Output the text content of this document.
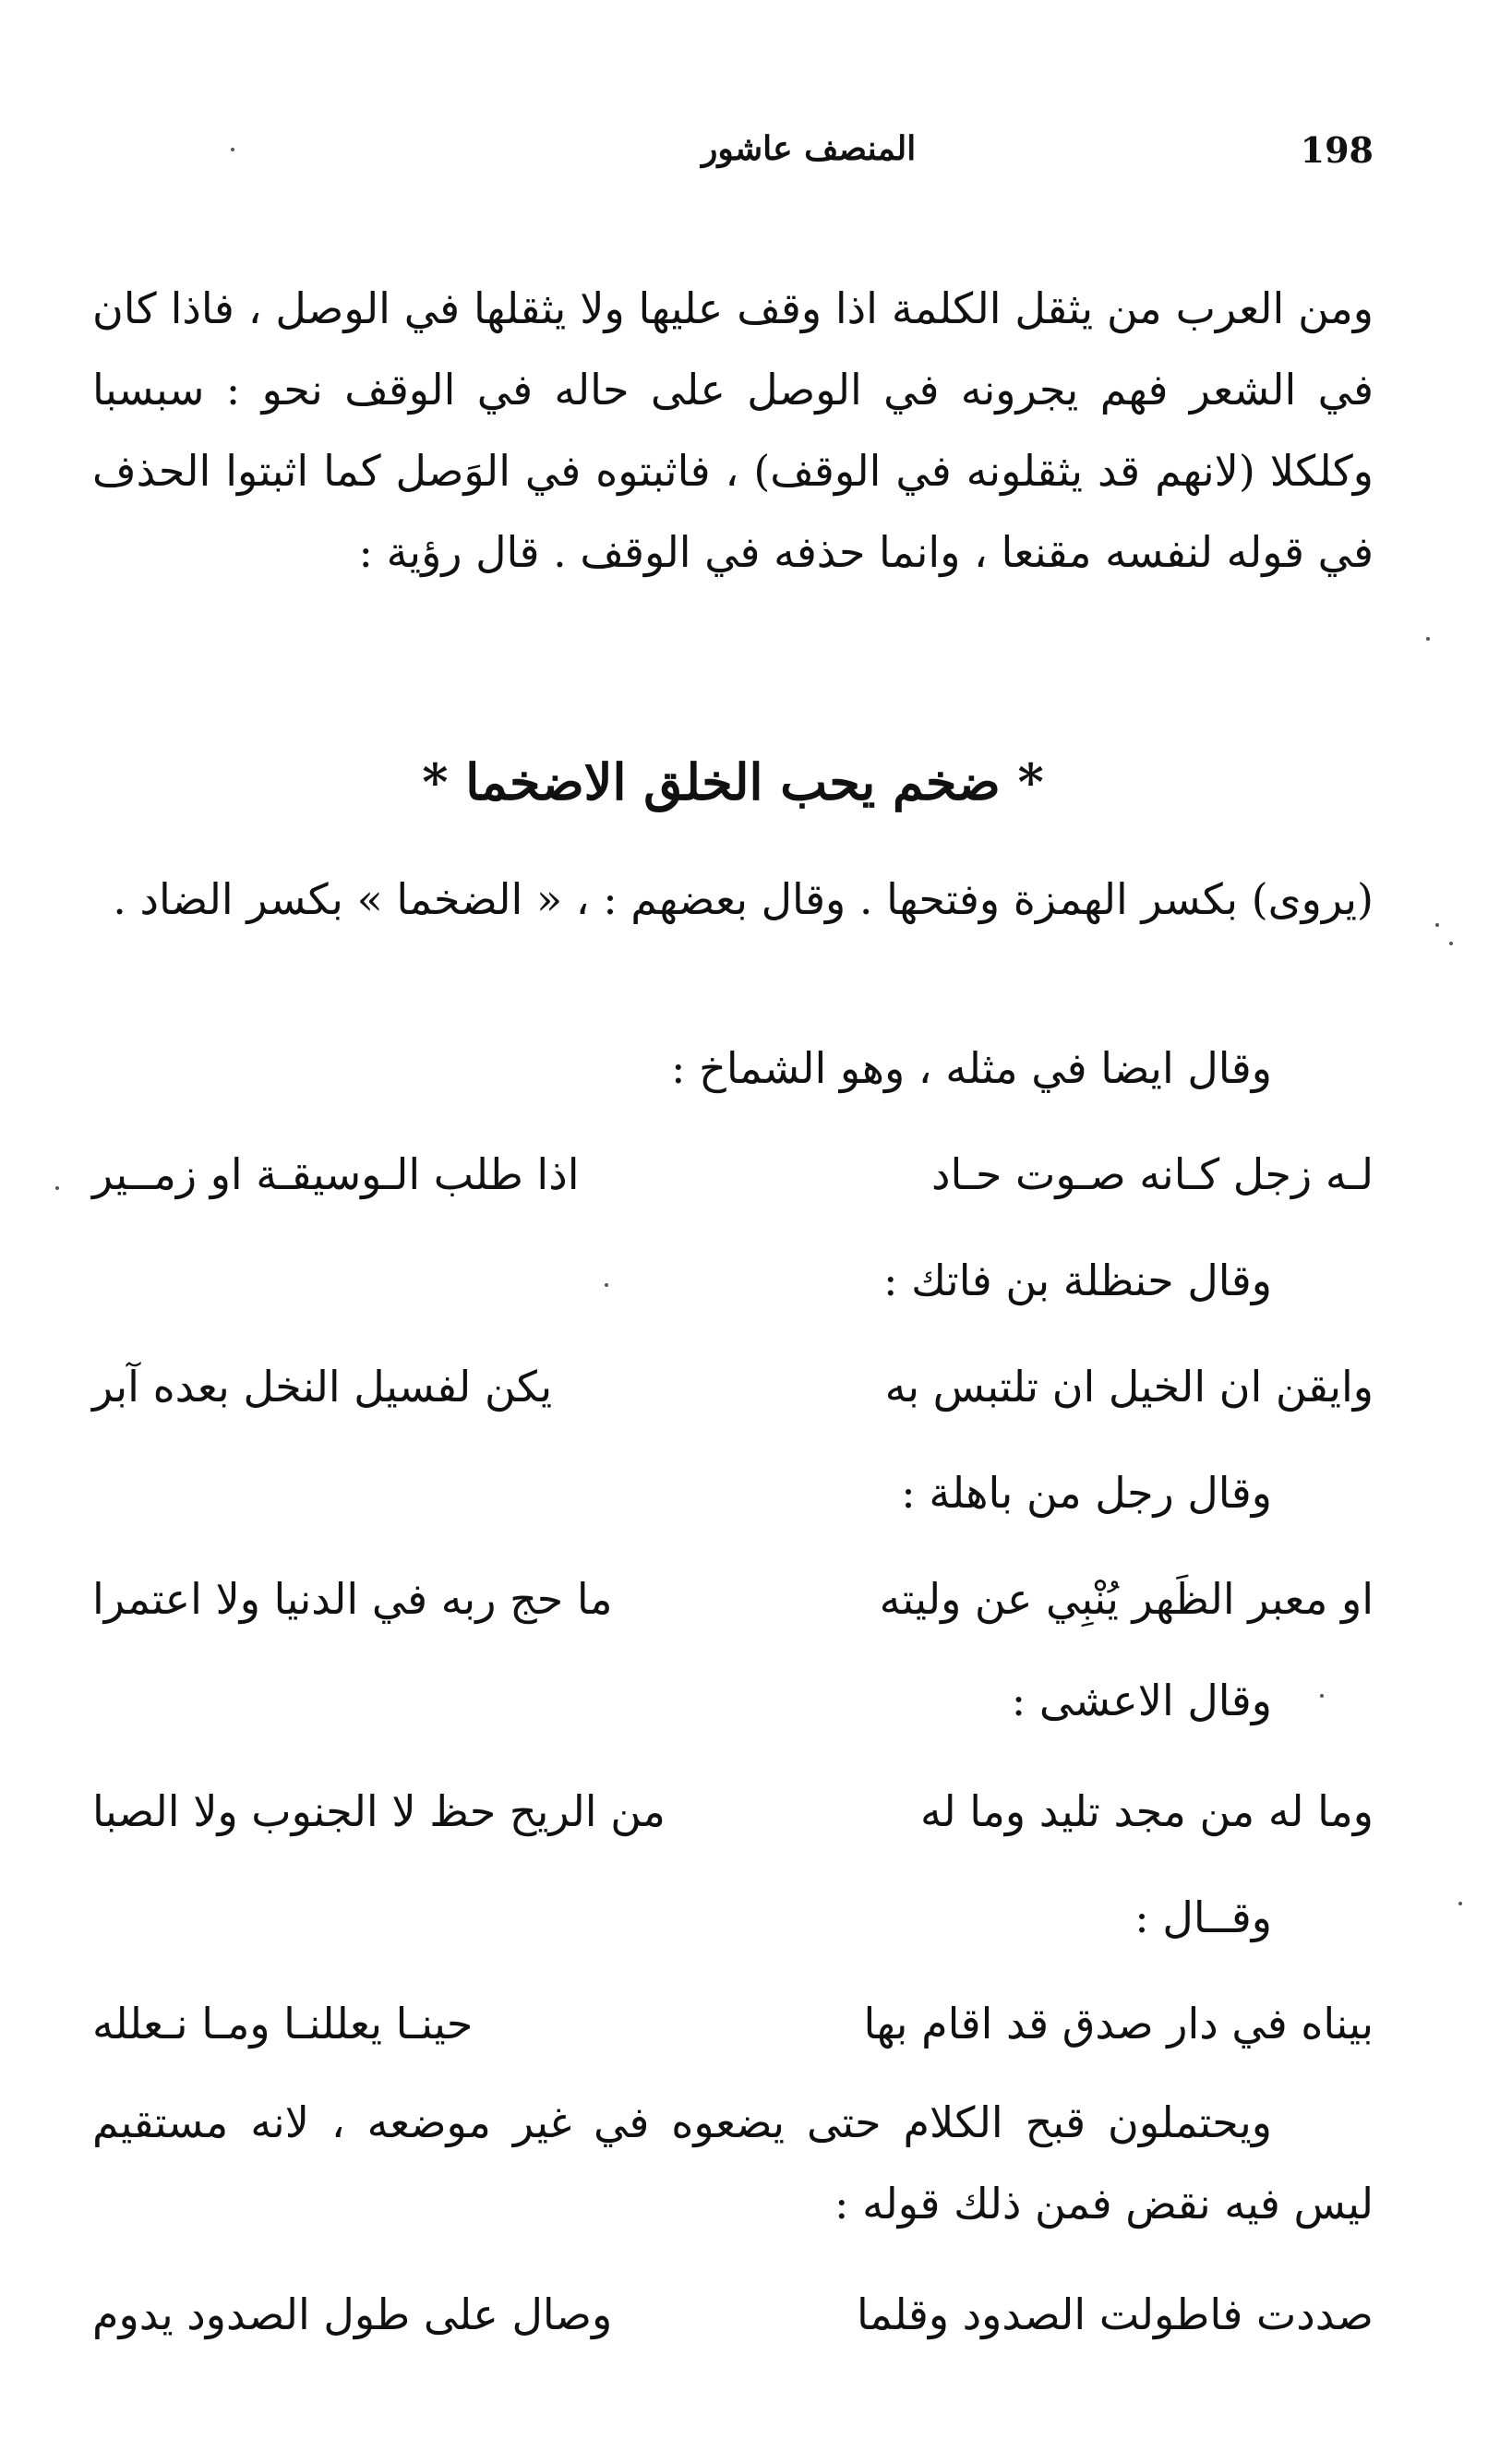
198
المنصف عاشور
ومن العرب من يثقل الكلمة اذا وقف عليها ولا يثقلها في الوصل ، فاذا كان في الشعر فهم يجرونه في الوصل على حاله في الوقف نحو : سبسبا وكلكلا (لانهم قد يثقلونه في الوقف) ، فاثبتوه في الوَصل كما اثبتوا الحذف في قوله لنفسه مقنعا ، وانما حذفه في الوقف . قال رؤية :
* ضخم يحب الخلق الاضخما *
(يروى) بكسر الهمزة وفتحها . وقال بعضهم : ، « الضخما » بكسر الضاد .
وقال ايضا في مثله ، وهو الشماخ :
لـه زجل كـانه صـوت حـاد
اذا طلب الـوسيقـة او زمــير
وقال حنظلة بن فاتك :
وايقن ان الخيل ان تلتبس به
يكن لفسيل النخل بعده آبر
وقال رجل من باهلة :
او معبر الظَهر يُنْبِي عن وليته
ما حج ربه في الدنيا ولا اعتمرا
وقال الاعشى :
وما له من مجد تليد وما له
من الريح حظ لا الجنوب ولا الصبا
وقــال :
بيناه في دار صدق قد اقام بها
حينـا يعللنـا ومـا نـعلله
ويحتملون قبح الكلام حتى يضعوه في غير موضعه ، لانه مستقيم ليس فيه نقض فمن ذلك قوله :
صددت فاطولت الصدود وقلما
وصال على طول الصدود يدوم
